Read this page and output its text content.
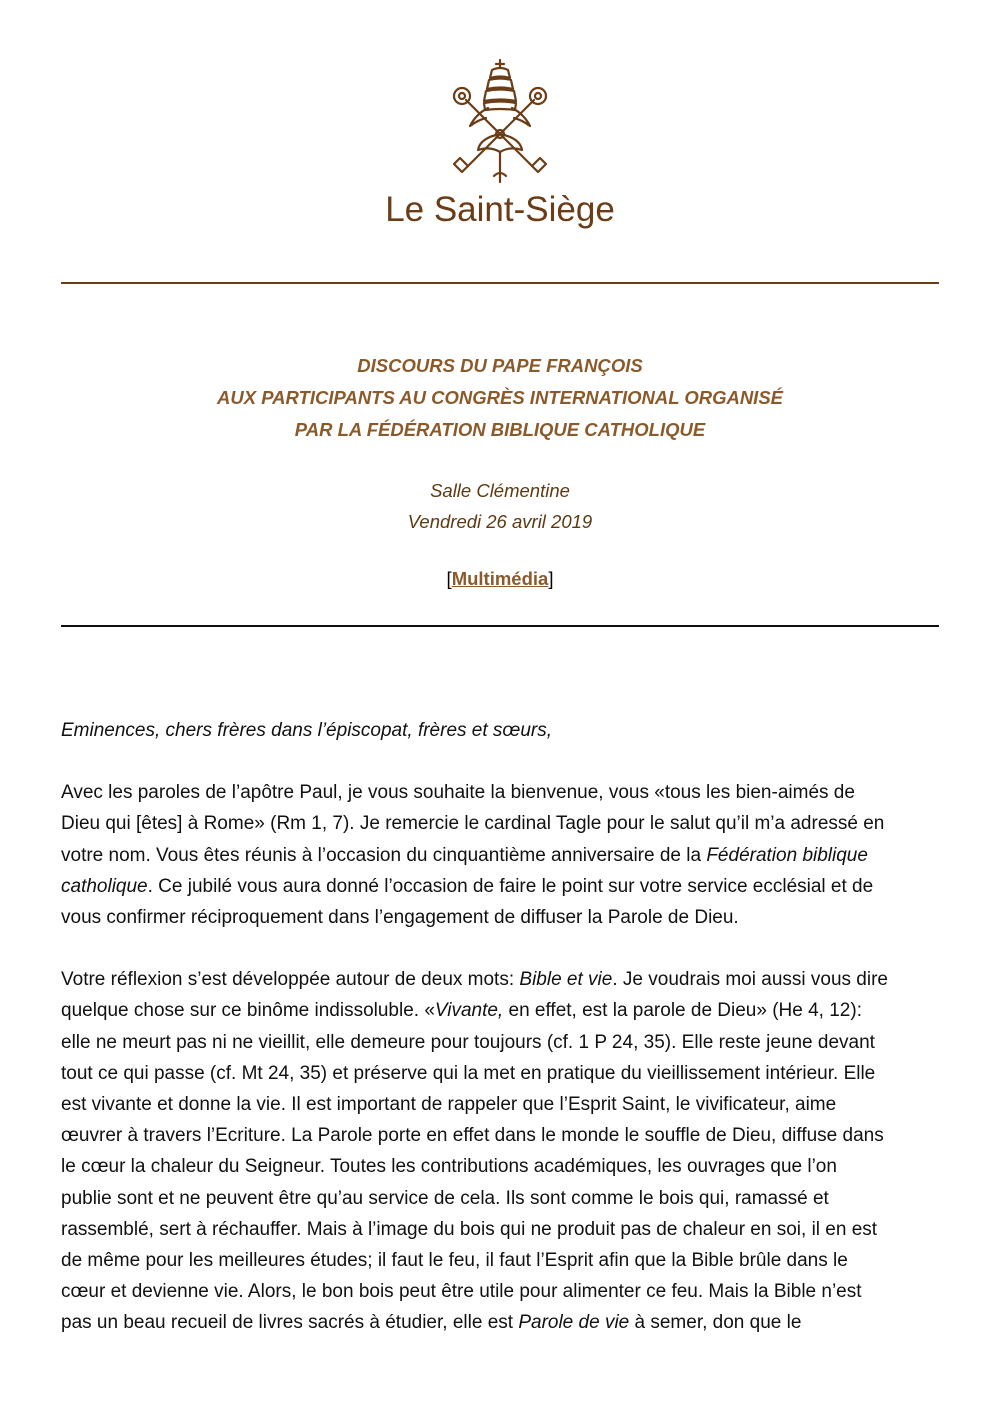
Le Saint-Siège
DISCOURS DU PAPE FRANÇOIS
AUX PARTICIPANTS AU CONGRÈS INTERNATIONAL ORGANISÉ
PAR LA FÉDÉRATION BIBLIQUE CATHOLIQUE
Salle Clémentine
Vendredi 26 avril 2019
[Multimédia]

Eminences, chers frères dans l’épiscopat, frères et sœurs,

Avec les paroles de l’apôtre Paul, je vous souhaite la bienvenue, vous «tous les bien-aimés de
Dieu qui [êtes] à Rome» (Rm 1, 7). Je remercie le cardinal Tagle pour le salut qu’il m’a adressé en
votre nom. Vous êtes réunis à l’occasion du cinquantième anniversaire de la Fédération biblique
catholique. Ce jubilé vous aura donné l’occasion de faire le point sur votre service ecclésial et de
vous confirmer réciproquement dans l’engagement de diffuser la Parole de Dieu.

Votre réflexion s’est développée autour de deux mots: Bible et vie. Je voudrais moi aussi vous dire
quelque chose sur ce binôme indissoluble. «Vivante, en effet, est la parole de Dieu» (He 4, 12):
elle ne meurt pas ni ne vieillit, elle demeure pour toujours (cf. 1 P 24, 35). Elle reste jeune devant
tout ce qui passe (cf. Mt 24, 35) et préserve qui la met en pratique du vieillissement intérieur. Elle
est vivante et donne la vie. Il est important de rappeler que l’Esprit Saint, le vivificateur, aime
œuvrer à travers l’Ecriture. La Parole porte en effet dans le monde le souffle de Dieu, diffuse dans
le cœur la chaleur du Seigneur. Toutes les contributions académiques, les ouvrages que l’on
publie sont et ne peuvent être qu’au service de cela. Ils sont comme le bois qui, ramassé et
rassemblé, sert à réchauffer. Mais à l’image du bois qui ne produit pas de chaleur en soi, il en est
de même pour les meilleures études; il faut le feu, il faut l’Esprit afin que la Bible brûle dans le
cœur et devienne vie. Alors, le bon bois peut être utile pour alimenter ce feu. Mais la Bible n’est
pas un beau recueil de livres sacrés à étudier, elle est Parole de vie à semer, don que le
